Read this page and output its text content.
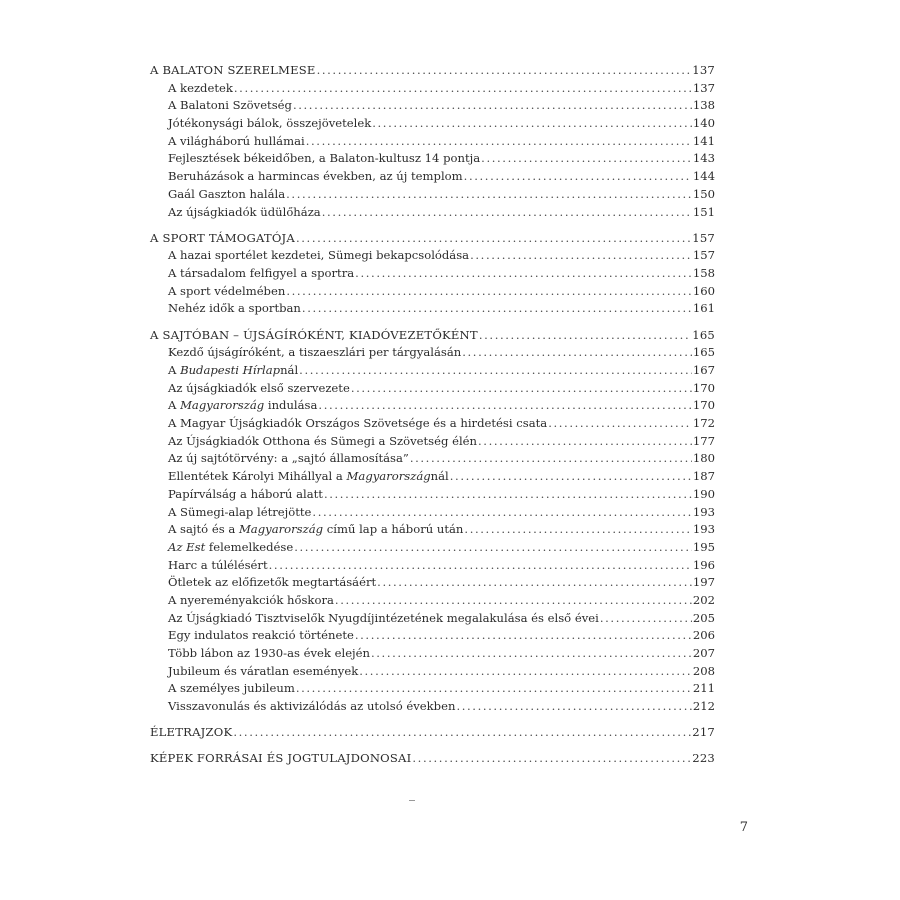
A BALATON SZERELMESE .....	137
A kezdetek .....	137
A Balatoni Szövetség .....	138
Jótékonysági bálok, összejövetelek .....	140
A világháború hullámai .....	141
Fejlesztések békeidőben, a Balaton-kultusz 14 pontja .....	143
Beruházások a harmincas években, az új templom .....	144
Gaál Gaszton halála .....	150
Az újságkiadók üdülőháza .....	151
A SPORT TÁMOGATÓJA .....	157
A hazai sportélet kezdetei, Sümegi bekapcsolódása .....	157
A társadalom felfigyel a sportra .....	158
A sport védelmében .....	160
Nehéz idők a sportban .....	161
A SAJTÓBAN – ÚJSÁGÍRÓKÉNT, KIADÓVEZETŐKÉNT .....	165
Kezdő újságíróként, a tiszaeszlári per tárgyalásán .....	165
A Budapesti Hírlapnál .....	167
Az újságkiadók első szervezete .....	170
A Magyarország indulása .....	170
A Magyar Újságkiadók Országos Szövetsége és a hirdetési csata .....	172
Az Újságkiadók Otthona és Sümegi a Szövetség élén .....	177
Az új sajtótörvény: a „sajtó államosítása” .....	180
Ellentétek Károlyi Mihállyal a Magyarországnál .....	187
Papírválság a háború alatt .....	190
A Sümegi-alap létrejötte .....	193
A sajtó és a Magyarország című lap a háború után .....	193
Az Est felemelkedése .....	195
Harc a túlélésért .....	196
Ötletek az előfizetők megtartásáért .....	197
A nyereményakciók hőskora .....	202
Az Újságkiadó Tisztviselők Nyugdíjintézetének megalakulása és első évei .....	205
Egy indulatos reakció története .....	206
Több lábon az 1930-as évek elején .....	207
Jubileum és váratlan események .....	208
A személyes jubileum .....	211
Visszavonulás és aktivizálódás az utolsó években .....	212
ÉLETRAJZOK .....	217
KÉPEK FORRÁSAI ÉS JOGTULAJDONOSAI .....	223
7
